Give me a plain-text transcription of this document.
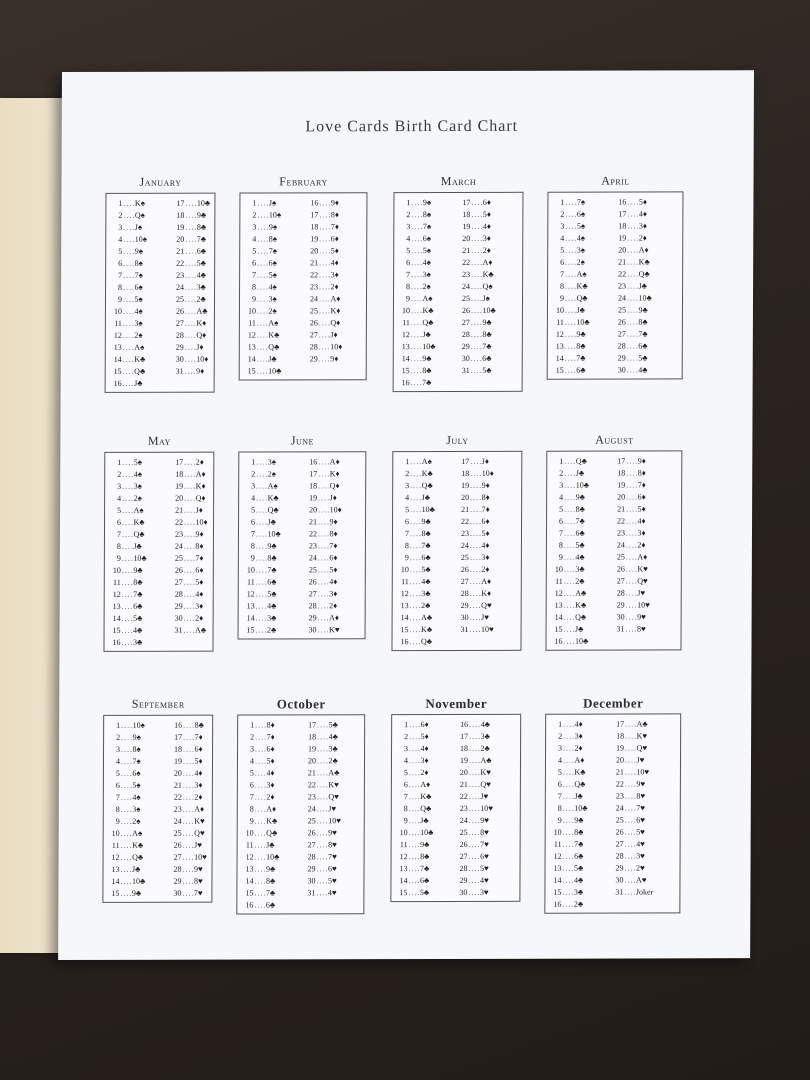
Love Cards Birth Card Chart
January
1. . . .K♠
2. . . .Q♠
3. . . .J♠
4. . . .10♠
5. . . .9♠
6. . . .8♠
7. . . .7♠
8. . . .6♠
9. . . .5♠
10. . . .4♠
11. . . .3♠
12. . . .2♠
13. . . .A♠
14. . . .K♣
15. . . .Q♣
16. . . .J♣
17. . . .10♣
18. . . .9♣
19. . . .8♣
20. . . .7♣
21. . . .6♣
22. . . .5♣
23. . . .4♣
24. . . .3♣
25. . . .2♣
26. . . .A♣
27. . . .K♦
28. . . .Q♦
29. . . .J♦
30. . . .10♦
31. . . .9♦
February
1. . . .J♠
2. . . .10♠
3. . . .9♠
4. . . .8♠
5. . . .7♠
6. . . .6♠
7. . . .5♠
8. . . .4♠
9. . . .3♠
10. . . .2♠
11. . . .A♠
12. . . .K♣
13. . . .Q♣
14. . . .J♣
15. . . .10♣
16. . . .9♦
17. . . .8♦
18. . . .7♦
19. . . .6♦
20. . . .5♦
21. . . .4♦
22. . . .3♦
23. . . .2♦
24. . . .A♦
25. . . .K♦
26. . . .Q♦
27. . . .J♦
28. . . .10♦
29. . . .9♦
March
1. . . .9♠
2. . . .8♠
3. . . .7♠
4. . . .6♠
5. . . .5♠
6. . . .4♠
7. . . .3♠
8. . . .2♠
9. . . .A♠
10. . . .K♣
11. . . .Q♣
12. . . .J♣
13. . . .10♣
14. . . .9♣
15. . . .8♣
16. . . .7♣
17. . . .6♦
18. . . .5♦
19. . . .4♦
20. . . .3♦
21. . . .2♦
22. . . .A♦
23. . . .K♣
24. . . .Q♠
25. . . .J♠
26. . . .10♣
27. . . .9♣
28. . . .8♣
29. . . .7♣
30. . . .6♣
31. . . .5♣
April
1. . . .7♠
2. . . .6♠
3. . . .5♠
4. . . .4♠
5. . . .3♠
6. . . .2♠
7. . . .A♠
8. . . .K♣
9. . . .Q♣
10. . . .J♣
11. . . .10♣
12. . . .9♣
13. . . .8♣
14. . . .7♣
15. . . .6♣
16. . . .5♦
17. . . .4♦
18. . . .3♦
19. . . .2♦
20. . . .A♦
21. . . .K♣
22. . . .Q♣
23. . . .J♣
24. . . .10♣
25. . . .9♣
26. . . .8♣
27. . . .7♣
28. . . .6♣
29. . . .5♣
30. . . .4♣
May
1. . . .5♠
2. . . .4♠
3. . . .3♠
4. . . .2♠
5. . . .A♠
6. . . .K♣
7. . . .Q♣
8. . . .J♣
9. . . .10♣
10. . . .9♣
11. . . .8♣
12. . . .7♣
13. . . .6♣
14. . . .5♣
15. . . .4♣
16. . . .3♣
17. . . .2♦
18. . . .A♦
19. . . .K♦
20. . . .Q♦
21. . . .J♦
22. . . .10♦
23. . . .9♦
24. . . .8♦
25. . . .7♦
26. . . .6♦
27. . . .5♦
28. . . .4♦
29. . . .3♦
30. . . .2♦
31. . . .A♣
June
1. . . .3♠
2. . . .2♠
3. . . .A♠
4. . . .K♣
5. . . .Q♣
6. . . .J♣
7. . . .10♣
8. . . .9♣
9. . . .8♣
10. . . .7♣
11. . . .6♣
12. . . .5♣
13. . . .4♣
14. . . .3♣
15. . . .2♣
16. . . .A♦
17. . . .K♦
18. . . .Q♦
19. . . .J♦
20. . . .10♦
21. . . .9♦
22. . . .8♦
23. . . .7♦
24. . . .6♦
25. . . .5♦
26. . . .4♦
27. . . .3♦
28. . . .2♦
29. . . .A♦
30. . . .K♥
July
1. . . .A♠
2. . . .K♣
3. . . .Q♣
4. . . .J♣
5. . . .10♣
6. . . .9♣
7. . . .8♣
8. . . .7♣
9. . . .6♣
10. . . .5♣
11. . . .4♣
12. . . .3♣
13. . . .2♣
14. . . .A♣
15. . . .K♣
16. . . .Q♣
17. . . .J♦
18. . . .10♦
19. . . .9♦
20. . . .8♦
21. . . .7♦
22. . . .6♦
23. . . .5♦
24. . . .4♦
25. . . .3♦
26. . . .2♦
27. . . .A♦
28. . . .K♦
29. . . .Q♥
30. . . .J♥
31. . . .10♥
August
1. . . .Q♣
2. . . .J♣
3. . . .10♣
4. . . .9♣
5. . . .8♣
6. . . .7♣
7. . . .6♣
8. . . .5♣
9. . . .4♣
10. . . .3♣
11. . . .2♣
12. . . .A♣
13. . . .K♣
14. . . .Q♣
15. . . .J♣
16. . . .10♣
17. . . .9♦
18. . . .8♦
19. . . .7♦
20. . . .6♦
21. . . .5♦
22. . . .4♦
23. . . .3♦
24. . . .2♦
25. . . .A♦
26. . . .K♥
27. . . .Q♥
28. . . .J♥
29. . . .10♥
30. . . .9♥
31. . . .8♥
September
1. . . .10♠
2. . . .9♠
3. . . .8♠
4. . . .7♠
5. . . .6♠
6. . . .5♠
7. . . .4♠
8. . . .3♠
9. . . .2♠
10. . . .A♠
11. . . .K♣
12. . . .Q♣
13. . . .J♣
14. . . .10♣
15. . . .9♣
16. . . .8♣
17. . . .7♦
18. . . .6♦
19. . . .5♦
20. . . .4♦
21. . . .3♦
22. . . .2♦
23. . . .A♦
24. . . .K♥
25. . . .Q♥
26. . . .J♥
27. . . .10♥
28. . . .9♥
29. . . .8♥
30. . . .7♥
October
1. . . .8♦
2. . . .7♦
3. . . .6♦
4. . . .5♦
5. . . .4♦
6. . . .3♦
7. . . .2♦
8. . . .A♦
9. . . .K♣
10. . . .Q♣
11. . . .J♣
12. . . .10♣
13. . . .9♣
14. . . .8♣
15. . . .7♣
16. . . .6♣
17. . . .5♣
18. . . .4♣
19. . . .3♣
20. . . .2♣
21. . . .A♣
22. . . .K♥
23. . . .Q♥
24. . . .J♥
25. . . .10♥
26. . . .9♥
27. . . .8♥
28. . . .7♥
29. . . .6♥
30. . . .5♥
31. . . .4♥
November
1. . . .6♦
2. . . .5♦
3. . . .4♦
4. . . .3♦
5. . . .2♦
6. . . .A♦
7. . . .K♣
8. . . .Q♣
9. . . .J♣
10. . . .10♣
11. . . .9♣
12. . . .8♣
13. . . .7♣
14. . . .6♣
15. . . .5♣
16. . . .4♣
17. . . .3♣
18. . . .2♣
19. . . .A♣
20. . . .K♥
21. . . .Q♥
22. . . .J♥
23. . . .10♥
24. . . .9♥
25. . . .8♥
26. . . .7♥
27. . . .6♥
28. . . .5♥
29. . . .4♥
30. . . .3♥
December
1. . . .4♦
2. . . .3♦
3. . . .2♦
4. . . .A♦
5. . . .K♣
6. . . .Q♣
7. . . .J♣
8. . . .10♣
9. . . .9♣
10. . . .8♣
11. . . .7♣
12. . . .6♣
13. . . .5♣
14. . . .4♣
15. . . .3♣
16. . . .2♣
17. . . .A♣
18. . . .K♥
19. . . .Q♥
20. . . .J♥
21. . . .10♥
22. . . .9♥
23. . . .8♥
24. . . .7♥
25. . . .6♥
26. . . .5♥
27. . . .4♥
28. . . .3♥
29. . . .2♥
30. . . .A♥
31. . . .Joker
